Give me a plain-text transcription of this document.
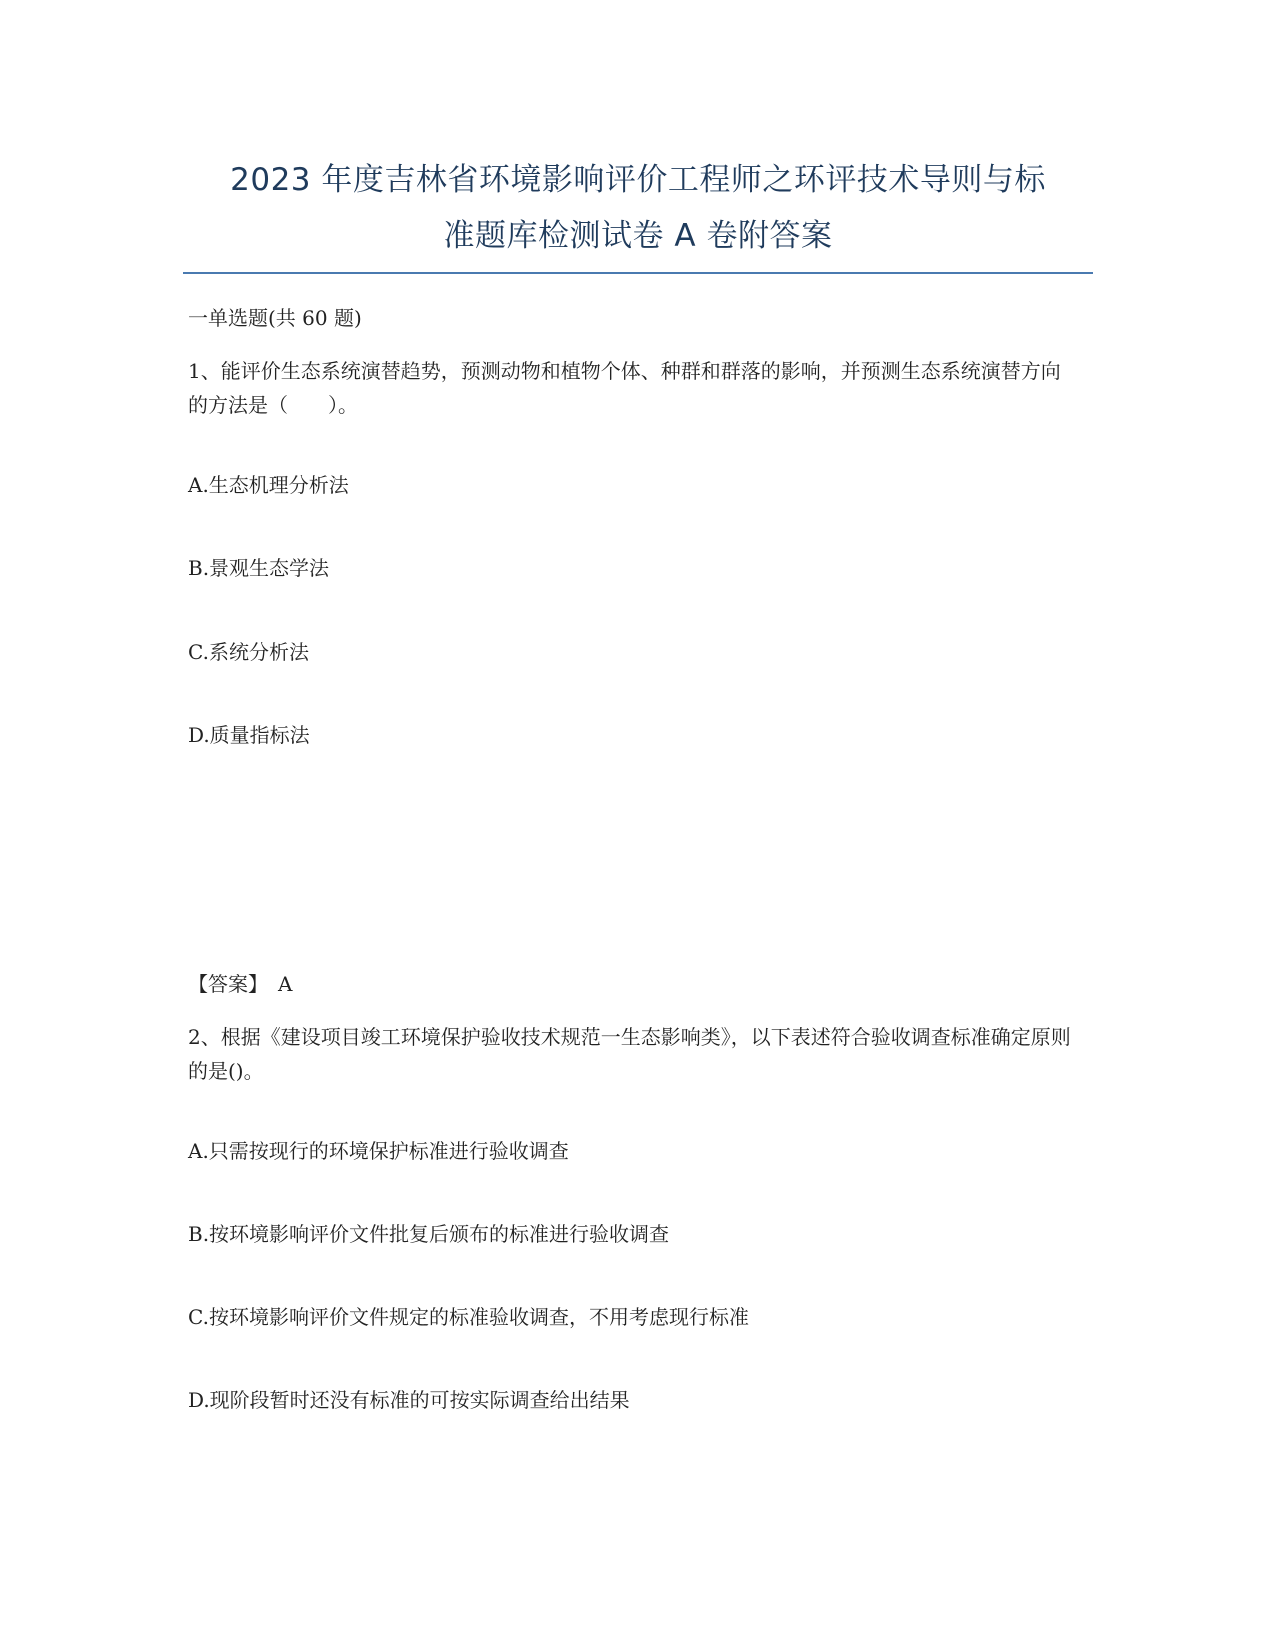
2023 年度吉林省环境影响评价工程师之环评技术导则与标
准题库检测试卷 A 卷附答案
一单选题(共 60 题)
1、能评价生态系统演替趋势，预测动物和植物个体、种群和群落的影响，并预测生态系统演替方向的方法是（　　）。
A.生态机理分析法
B.景观生态学法
C.系统分析法
D.质量指标法
【答案】　A
2、根据《建设项目竣工环境保护验收技术规范一生态影响类》，以下表述符合验收调查标准确定原则的是()。
A.只需按现行的环境保护标准进行验收调查
B.按环境影响评价文件批复后颁布的标准进行验收调查
C.按环境影响评价文件规定的标准验收调查，不用考虑现行标准
D.现阶段暂时还没有标准的可按实际调查给出结果
